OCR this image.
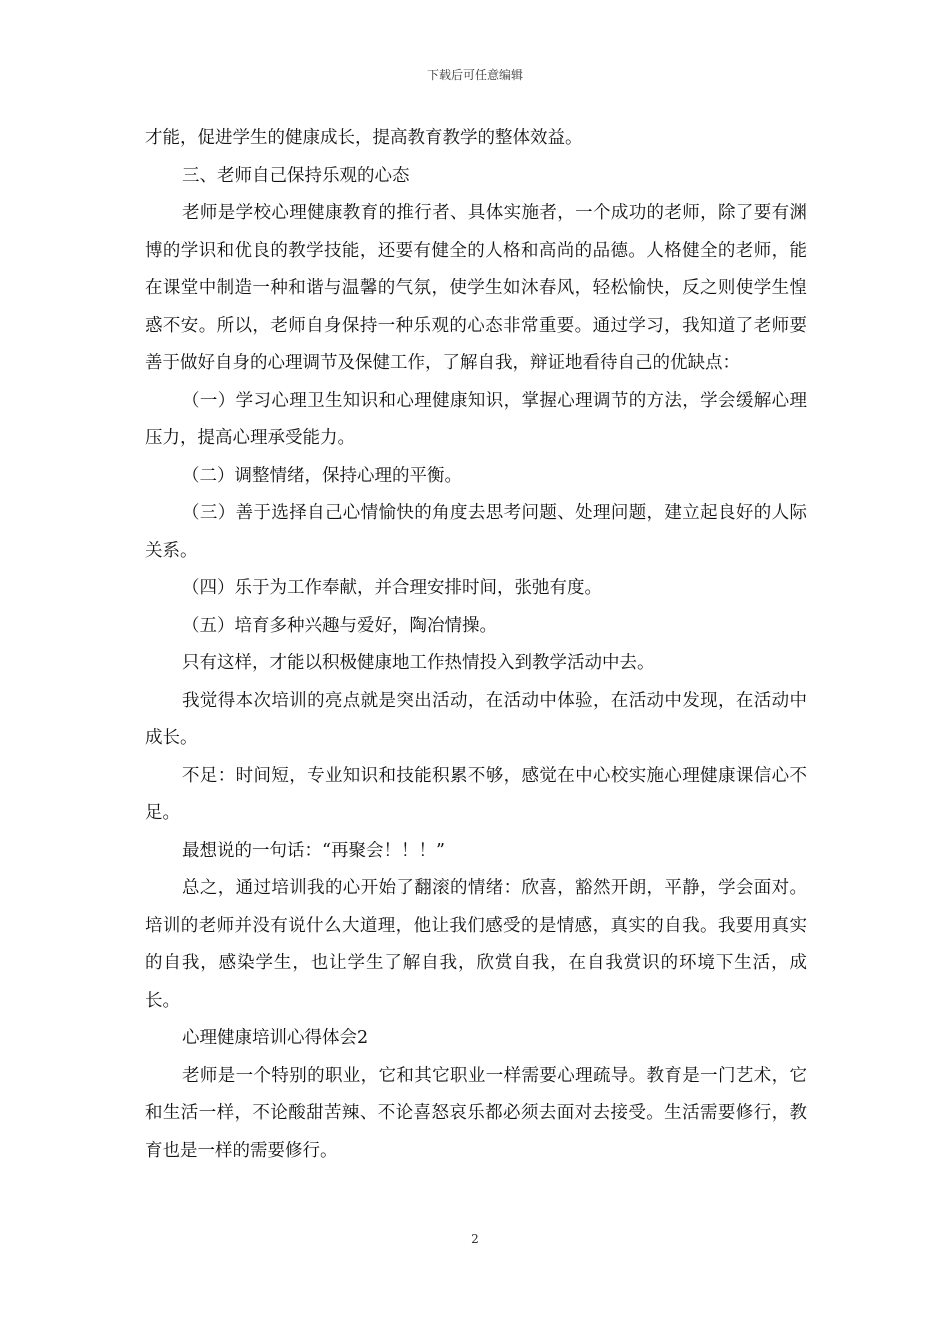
下载后可任意编辑

才能，促进学生的健康成长，提高教育教学的整体效益。

三、老师自己保持乐观的心态

老师是学校心理健康教育的推行者、具体实施者，一个成功的老师，除了要有渊博的学识和优良的教学技能，还要有健全的人格和高尚的品德。人格健全的老师，能在课堂中制造一种和谐与温馨的气氛，使学生如沐春风，轻松愉快，反之则使学生惶惑不安。所以，老师自身保持一种乐观的心态非常重要。通过学习，我知道了老师要善于做好自身的心理调节及保健工作，了解自我，辩证地看待自己的优缺点：

（一）学习心理卫生知识和心理健康知识，掌握心理调节的方法，学会缓解心理压力，提高心理承受能力。

（二）调整情绪，保持心理的平衡。

（三）善于选择自己心情愉快的角度去思考问题、处理问题，建立起良好的人际关系。

（四）乐于为工作奉献，并合理安排时间，张弛有度。

（五）培育多种兴趣与爱好，陶冶情操。

只有这样，才能以积极健康地工作热情投入到教学活动中去。

我觉得本次培训的亮点就是突出活动，在活动中体验，在活动中发现，在活动中成长。

不足：时间短，专业知识和技能积累不够，感觉在中心校实施心理健康课信心不足。

最想说的一句话：“再聚会！！！”

总之，通过培训我的心开始了翻滚的情绪：欣喜，豁然开朗，平静，学会面对。培训的老师并没有说什么大道理，他让我们感受的是情感，真实的自我。我要用真实的自我，感染学生，也让学生了解自我，欣赏自我，在自我赏识的环境下生活，成长。

心理健康培训心得体会2

老师是一个特别的职业，它和其它职业一样需要心理疏导。教育是一门艺术，它和生活一样，不论酸甜苦辣、不论喜怒哀乐都必须去面对去接受。生活需要修行，教育也是一样的需要修行。

2
